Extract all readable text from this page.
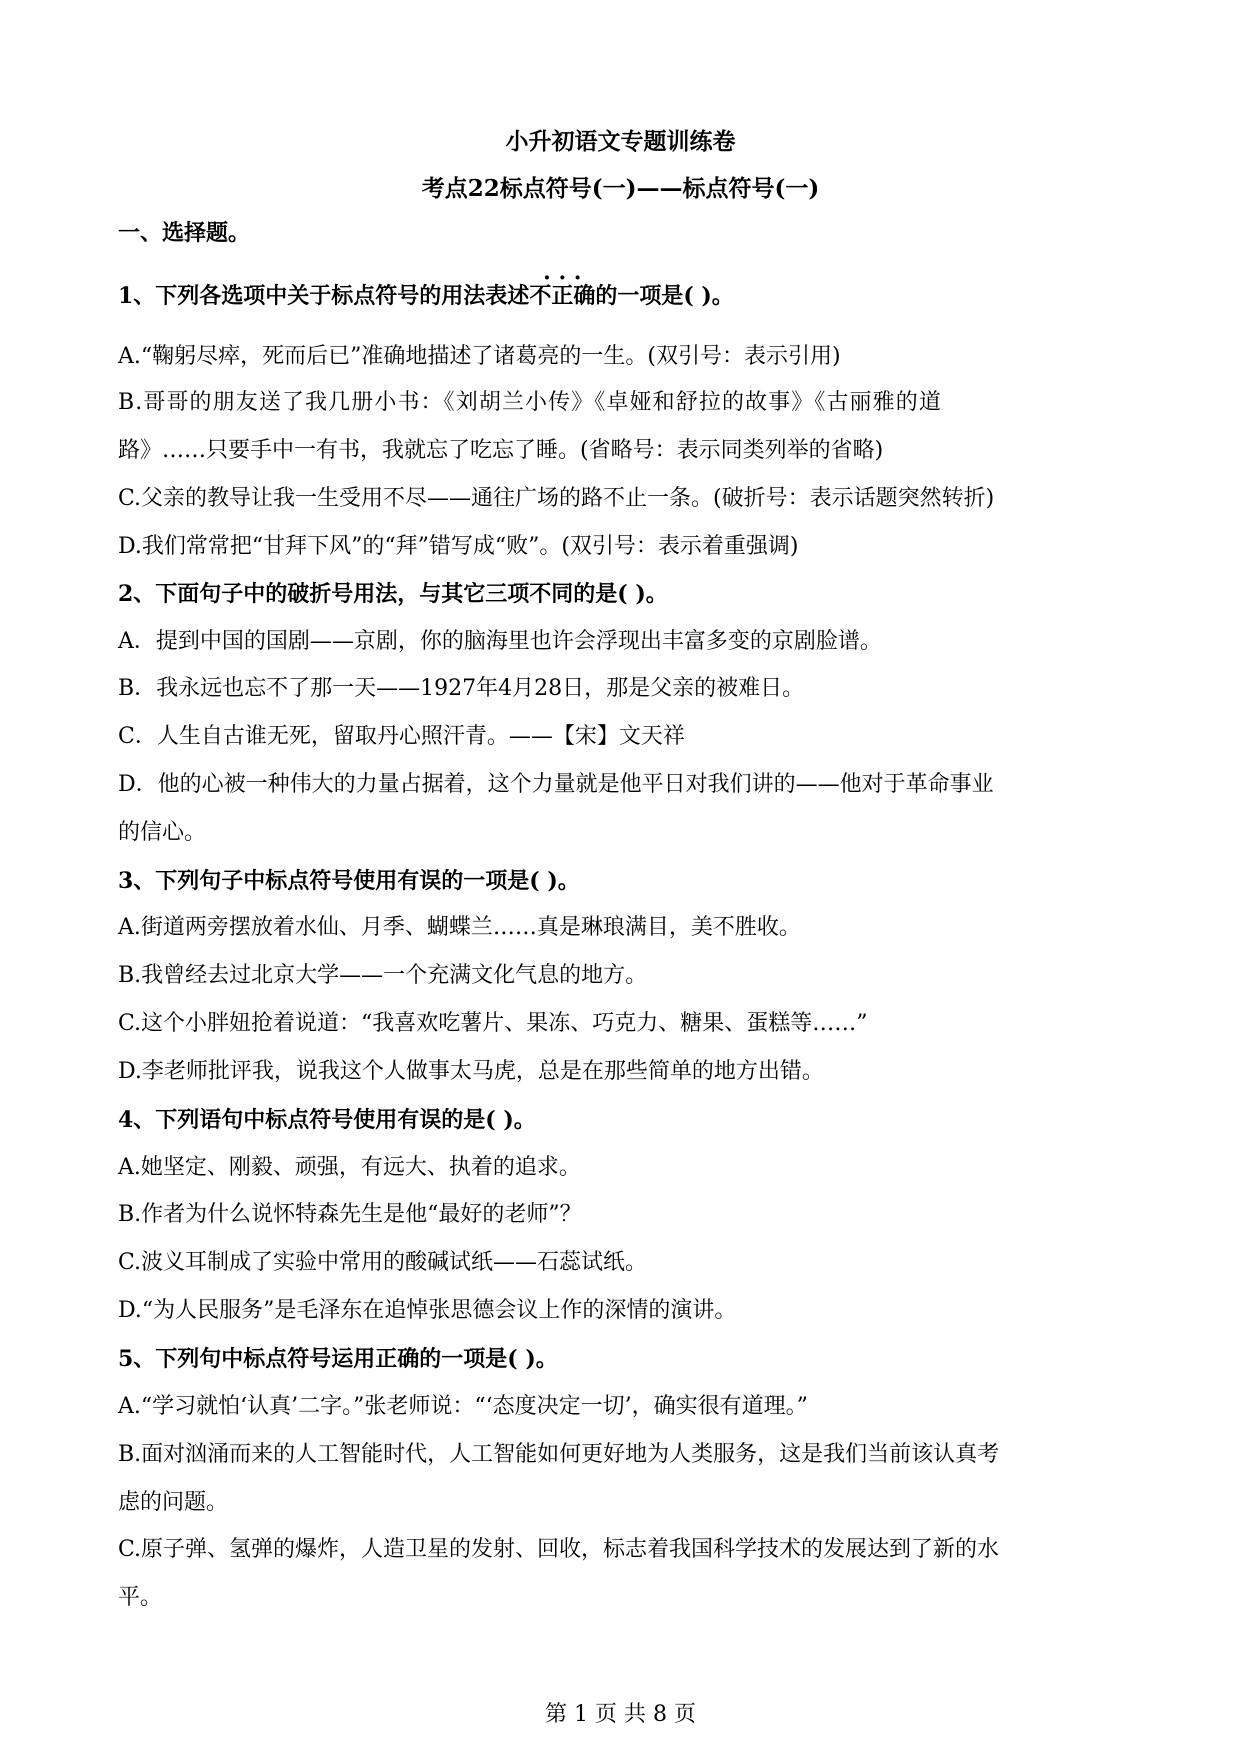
小升初语文专题训练卷
考点22标点符号(一)——标点符号(一)
一、选择题。
1、下列各选项中关于标点符号的用法表述· · · 不正确的一项是( )。
A.“鞠躬尽瘁，死而后已”准确地描述了诸葛亮的一生。(双引号：表示引用)
B.哥哥的朋友送了我几册小书：《刘胡兰小传》《卓娅和舒拉的故事》《古丽雅的道
路》……只要手中一有书，我就忘了吃忘了睡。(省略号：表示同类列举的省略)
C.父亲的教导让我一生受用不尽——通往广场的路不止一条。(破折号：表示话题突然转折)
D.我们常常把“甘拜下风”的“拜”错写成“败”。(双引号：表示着重强调)
2、下面句子中的破折号用法，与其它三项不同的是( )。
A．提到中国的国剧——京剧，你的脑海里也许会浮现出丰富多变的京剧脸谱。
B．我永远也忘不了那一天——1927年4月28日，那是父亲的被难日。
C．人生自古谁无死，留取丹心照汗青。——【宋】文天祥
D．他的心被一种伟大的力量占据着，这个力量就是他平日对我们讲的——他对于革命事业
的信心。
3、下列句子中标点符号使用有误的一项是( )。
A.街道两旁摆放着水仙、月季、蝴蝶兰……真是琳琅满目，美不胜收。
B.我曾经去过北京大学——一个充满文化气息的地方。
C.这个小胖妞抢着说道：“我喜欢吃薯片、果冻、巧克力、糖果、蛋糕等……”
D.李老师批评我，说我这个人做事太马虎，总是在那些简单的地方出错。
4、下列语句中标点符号使用有误的是( )。
A.她坚定、刚毅、顽强，有远大、执着的追求。
B.作者为什么说怀特森先生是他“最好的老师”？
C.波义耳制成了实验中常用的酸碱试纸——石蕊试纸。
D.“为人民服务”是毛泽东在追悼张思德会议上作的深情的演讲。
5、下列句中标点符号运用正确的一项是( )。
A.“学习就怕‘认真’二字。”张老师说：“‘态度决定一切’，确实很有道理。”
B.面对汹涌而来的人工智能时代，人工智能如何更好地为人类服务，这是我们当前该认真考
虑的问题。
C.原子弹、氢弹的爆炸，人造卫星的发射、回收，标志着我国科学技术的发展达到了新的水
平。
第 1 页 共 8 页
